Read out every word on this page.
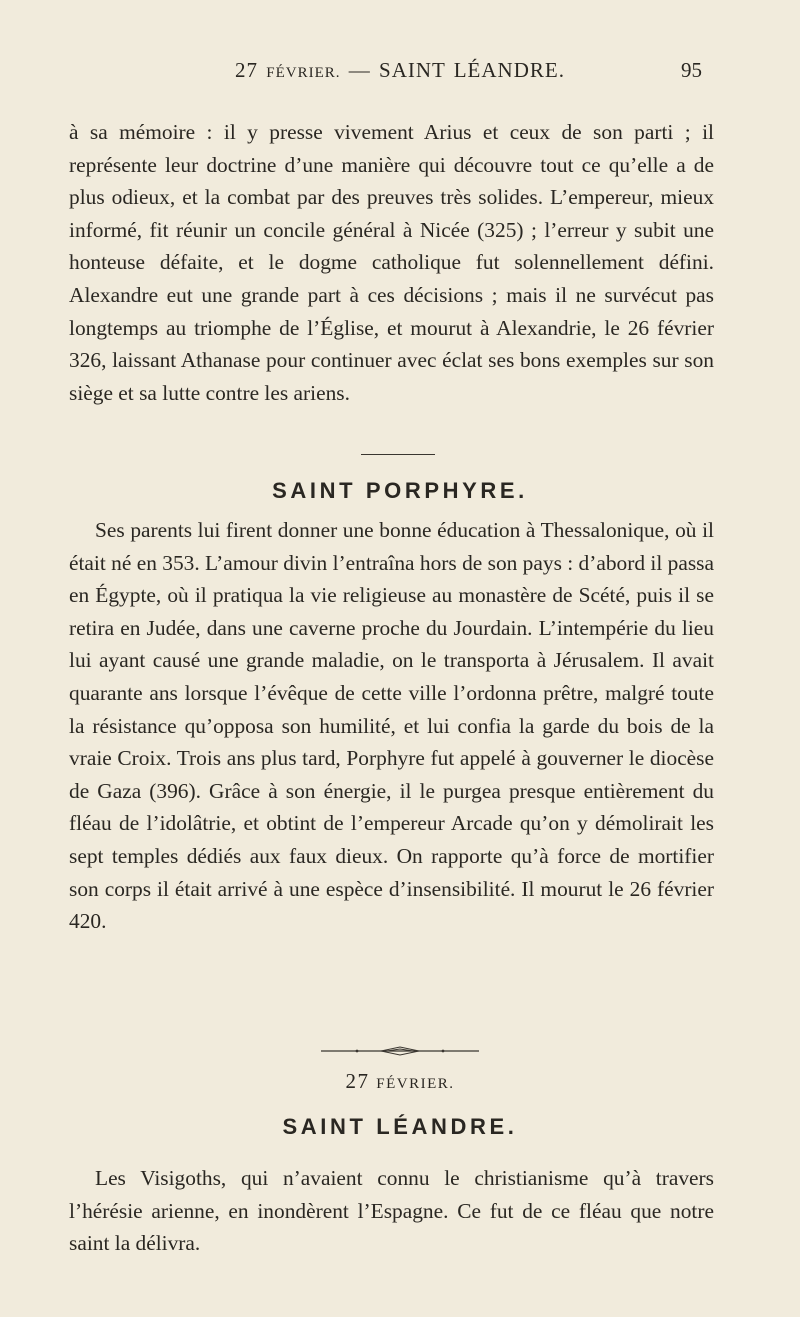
27 FÉVRIER. — SAINT LÉANDRE.	95

à sa mémoire : il y presse vivement Arius et ceux de son parti ; il représente leur doctrine d’une manière qui découvre tout ce qu’elle a de plus odieux, et la combat par des preuves très solides. L’empereur, mieux informé, fit réunir un concile général à Nicée (325) ; l’erreur y subit une honteuse défaite, et le dogme catholique fut solennellement défini. Alexandre eut une grande part à ces décisions ; mais il ne survécut pas longtemps au triomphe de l’Église, et mourut à Alexandrie, le 26 février 326, laissant Athanase pour continuer avec éclat ses bons exemples sur son siège et sa lutte contre les ariens.

SAINT PORPHYRE.

Ses parents lui firent donner une bonne éducation à Thessalonique, où il était né en 353. L’amour divin l’entraîna hors de son pays : d’abord il passa en Égypte, où il pratiqua la vie religieuse au monastère de Scété, puis il se retira en Judée, dans une caverne proche du Jourdain. L’intempérie du lieu lui ayant causé une grande maladie, on le transporta à Jérusalem. Il avait quarante ans lorsque l’évêque de cette ville l’ordonna prêtre, malgré toute la résistance qu’opposa son humilité, et lui confia la garde du bois de la vraie Croix. Trois ans plus tard, Porphyre fut appelé à gouverner le diocèse de Gaza (396). Grâce à son énergie, il le purgea presque entièrement du fléau de l’idolâtrie, et obtint de l’empereur Arcade qu’on y démolirait les sept temples dédiés aux faux dieux. On rapporte qu’à force de mortifier son corps il était arrivé à une espèce d’insensibilité. Il mourut le 26 février 420.

27 FÉVRIER.
SAINT LÉANDRE.

Les Visigoths, qui n’avaient connu le christianisme qu’à travers l’hérésie arienne, en inondèrent l’Espagne. Ce fut de ce fléau que notre saint la délivra.
